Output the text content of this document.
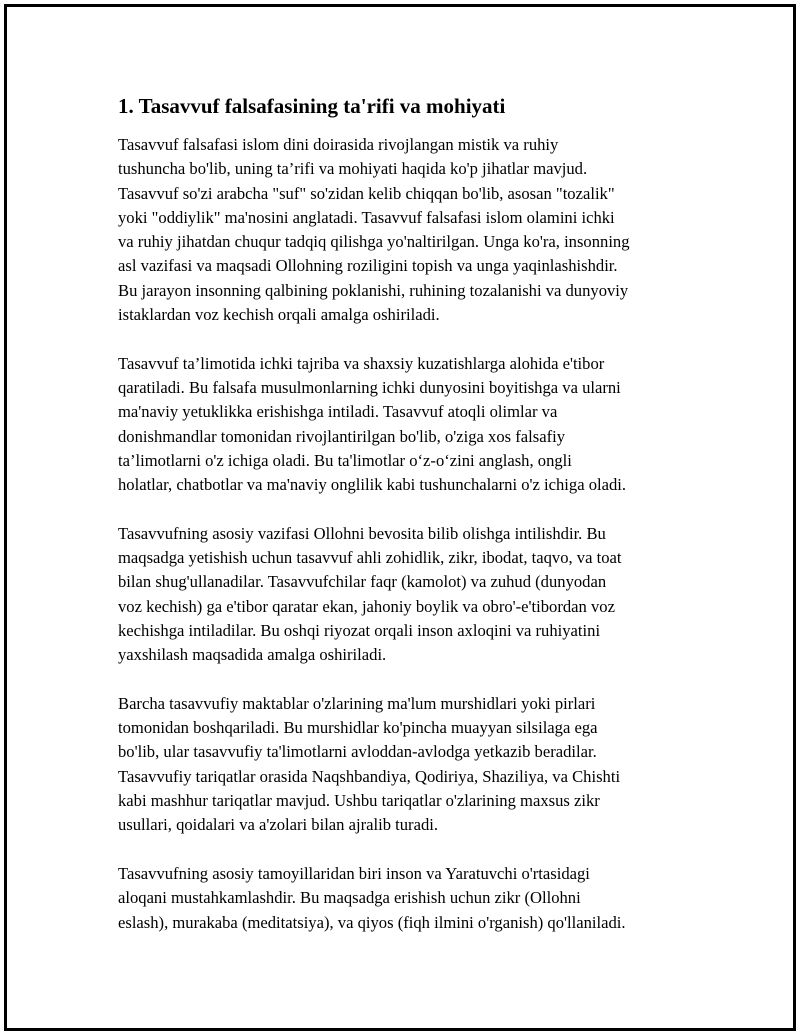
1. Tasavvuf falsafasining ta'rifi va mohiyati

Tasavvuf falsafasi islom dini doirasida rivojlangan mistik va ruhiy
tushuncha bo'lib, uning ta’rifi va mohiyati haqida ko'p jihatlar mavjud.
Tasavvuf so'zi arabcha "suf" so'zidan kelib chiqqan bo'lib, asosan "tozalik"
yoki "oddiylik" ma'nosini anglatadi. Tasavvuf falsafasi islom olamini ichki
va ruhiy jihatdan chuqur tadqiq qilishga yo'naltirilgan. Unga ko'ra, insonning
asl vazifasi va maqsadi Ollohning roziligini topish va unga yaqinlashishdir.
Bu jarayon insonning qalbining poklanishi, ruhining tozalanishi va dunyoviy
istaklardan voz kechish orqali amalga oshiriladi.

Tasavvuf ta’limotida ichki tajriba va shaxsiy kuzatishlarga alohida e'tibor
qaratiladi. Bu falsafa musulmonlarning ichki dunyosini boyitishga va ularni
ma'naviy yetuklikka erishishga intiladi. Tasavvuf atoqli olimlar va
donishmandlar tomonidan rivojlantirilgan bo'lib, o'ziga xos falsafiy
ta’limotlarni o'z ichiga oladi. Bu ta'limotlar o‘z-o‘zini anglash, ongli
holatlar, chatbotlar va ma'naviy onglilik kabi tushunchalarni o'z ichiga oladi.

Tasavvufning asosiy vazifasi Ollohni bevosita bilib olishga intilishdir. Bu
maqsadga yetishish uchun tasavvuf ahli zohidlik, zikr, ibodat, taqvo, va toat
bilan shug'ullanadilar. Tasavvufchilar faqr (kamolot) va zuhud (dunyodan
voz kechish) ga e'tibor qaratar ekan, jahoniy boylik va obro'-e'tibordan voz
kechishga intiladilar. Bu oshqi riyozat orqali inson axloqini va ruhiyatini
yaxshilash maqsadida amalga oshiriladi.

Barcha tasavvufiy maktablar o'zlarining ma'lum murshidlari yoki pirlari
tomonidan boshqariladi. Bu murshidlar ko'pincha muayyan silsilaga ega
bo'lib, ular tasavvufiy ta'limotlarni avloddan-avlodga yetkazib beradilar.
Tasavvufiy tariqatlar orasida Naqshbandiya, Qodiriya, Shaziliya, va Chishti
kabi mashhur tariqatlar mavjud. Ushbu tariqatlar o'zlarining maxsus zikr
usullari, qoidalari va a'zolari bilan ajralib turadi.

Tasavvufning asosiy tamoyillaridan biri inson va Yaratuvchi o'rtasidagi
aloqani mustahkamlashdir. Bu maqsadga erishish uchun zikr (Ollohni
eslash), murakaba (meditatsiya), va qiyos (fiqh ilmini o'rganish) qo'llaniladi.
